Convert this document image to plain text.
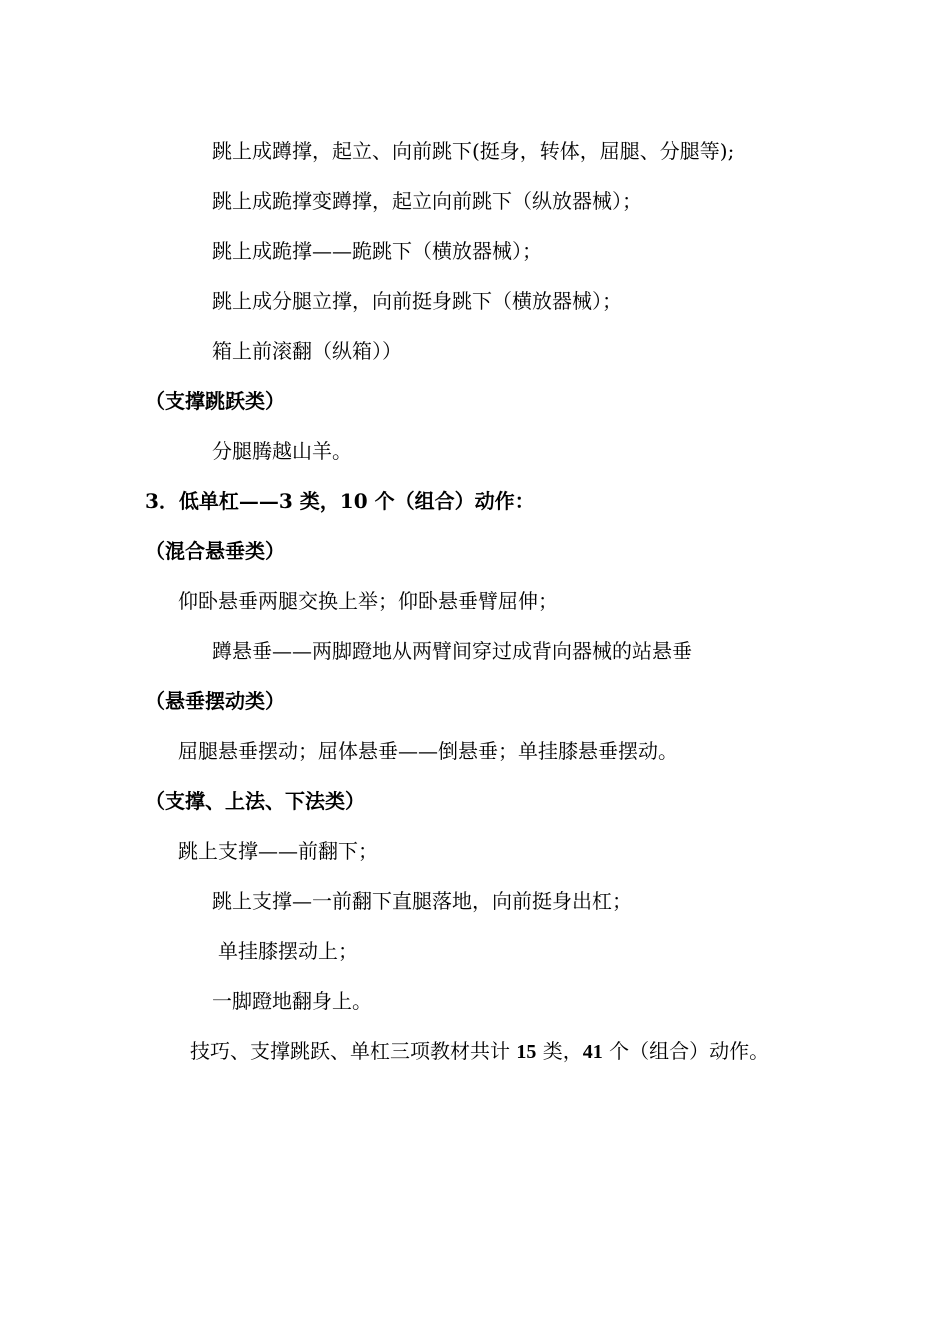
跳上成蹲撑，起立、向前跳下(挺身，转体，屈腿、分腿等);
跳上成跪撑变蹲撑，起立向前跳下（纵放器械）；
跳上成跪撑——跪跳下（横放器械）；
跳上成分腿立撑，向前挺身跳下（横放器械）；
箱上前滚翻（纵箱））
（支撑跳跃类）
分腿腾越山羊。
3．低单杠——3 类，10 个（组合）动作：
（混合悬垂类）
仰卧悬垂两腿交换上举；仰卧悬垂臂屈伸；
蹲悬垂——两脚蹬地从两臂间穿过成背向器械的站悬垂
（悬垂摆动类）
屈腿悬垂摆动；屈体悬垂——倒悬垂；单挂膝悬垂摆动。
（支撑、上法、下法类）
跳上支撑——前翻下；
跳上支撑—一前翻下直腿落地，向前挺身出杠；
单挂膝摆动上；
一脚蹬地翻身上。
技巧、支撑跳跃、单杠三项教材共计 15 类，41 个（组合）动作。
